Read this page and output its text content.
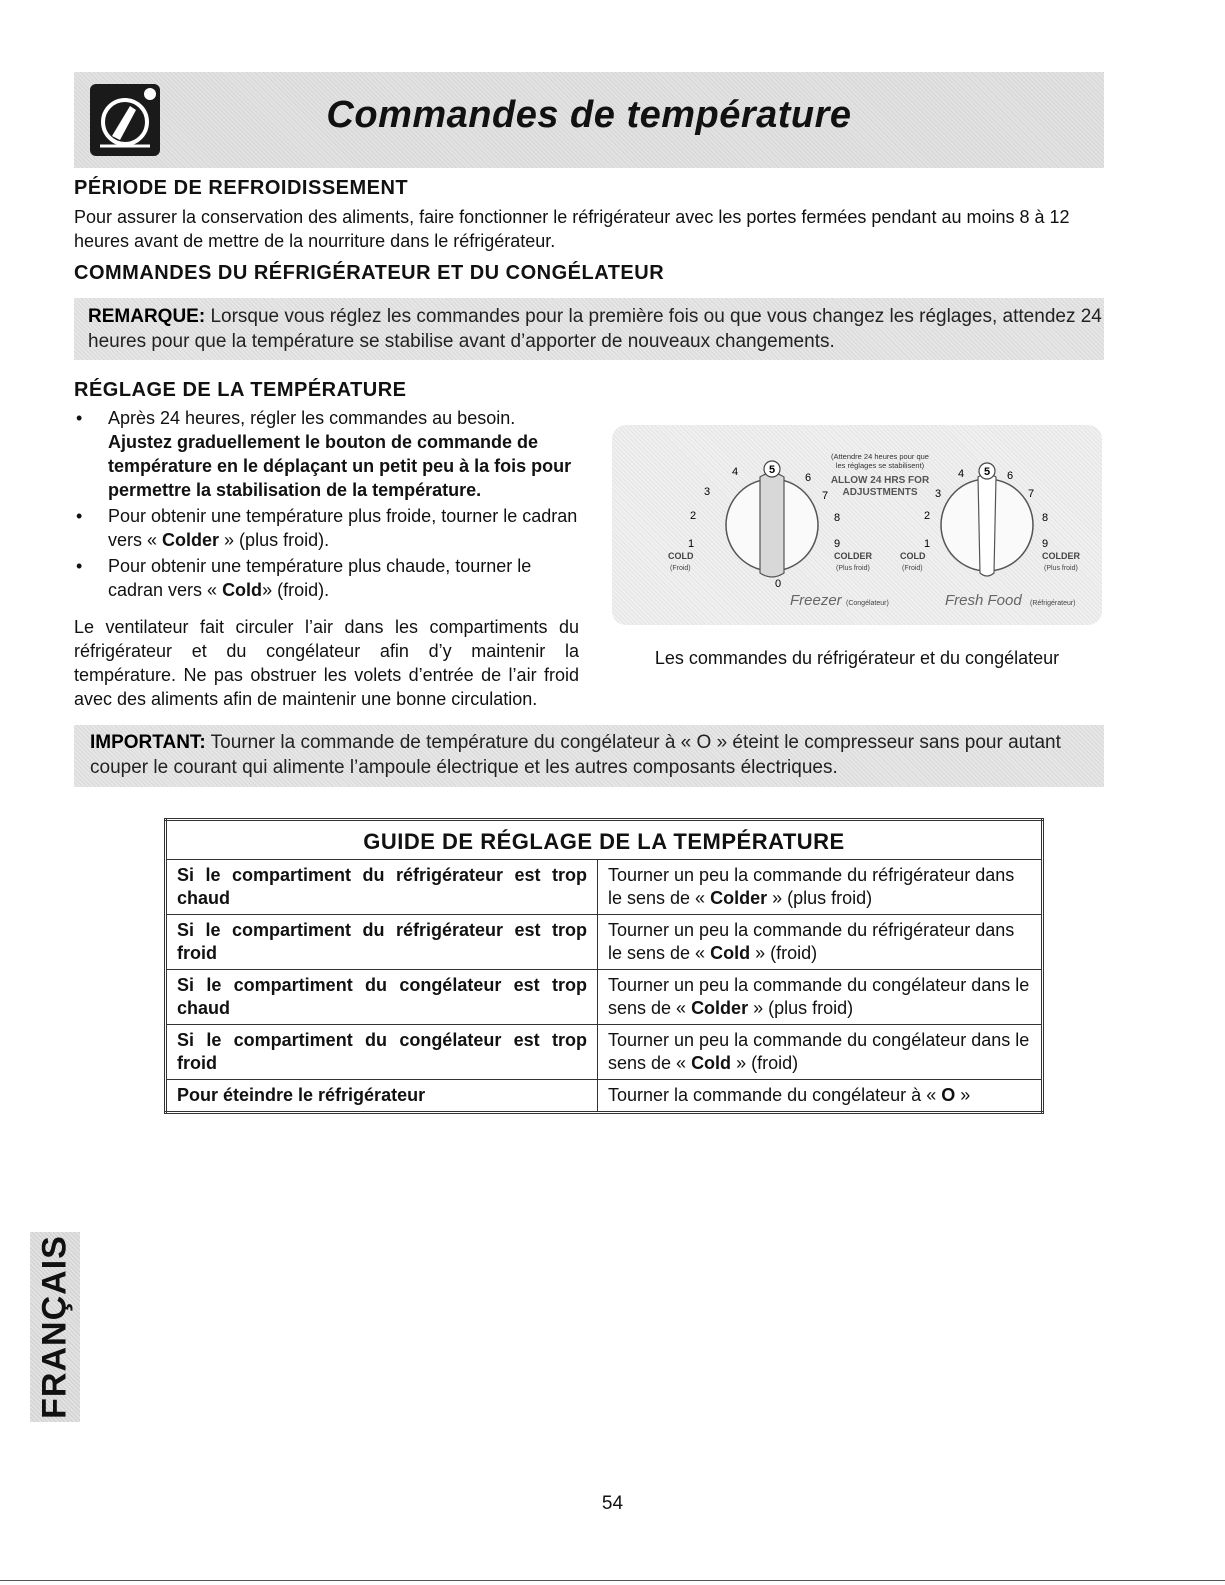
Commandes de température
PÉRIODE DE REFROIDISSEMENT

Pour assurer la conservation des aliments, faire fonctionner le réfrigérateur avec les portes fermées pendant au moins 8 à 12 heures avant de mettre de la nourriture dans le réfrigérateur.

COMMANDES DU RÉFRIGÉRATEUR ET DU CONGÉLATEUR
REMARQUE: Lorsque vous réglez les commandes pour la première fois ou que vous changez les réglages, attendez 24 heures pour que la température se stabilise avant d’apporter de nouveaux changements.
RÉGLAGE DE LA TEMPÉRATURE
• Après 24 heures, régler les commandes au besoin.
Ajustez graduellement le bouton de commande de température en le déplaçant un petit peu à la fois pour permettre la stabilisation de la température.
• Pour obtenir une température plus froide, tourner le cadran vers « Colder » (plus froid).
• Pour obtenir une température plus chaude, tourner le cadran vers « Cold» (froid).

Le ventilateur fait circuler l’air dans les compartiments du réfrigérateur et du congélateur afin d’y maintenir la température. Ne pas obstruer les volets d’entrée de l’air froid avec des aliments afin de maintenir une bonne circulation.

(Attendre 24 heures pour que
les réglages se stabilisent)
ALLOW 24 HRS FOR
ADJUSTMENTS
5
4	6
3	7
2	8
1	9
0
COLD
(Froid)
COLDER
(Plus froid)
Freezer (Congélateur)
5
4	6
3	7
2	8
1	9
COLD
(Froid)
COLDER
(Plus froid)
Fresh Food (Réfrigérateur)
Les commandes du réfrigérateur et du congélateur
IMPORTANT: Tourner la commande de température du congélateur à « O » éteint le compresseur sans pour autant couper le courant qui alimente l’ampoule électrique et les autres composants électriques.
GUIDE DE RÉGLAGE DE LA TEMPÉRATURE	
Si le compartiment du réfrigérateur est trop chaud	Tourner un peu la commande du réfrigérateur dans le sens de « Colder » (plus froid)
Si le compartiment du réfrigérateur est trop froid	Tourner un peu la commande du réfrigérateur dans le sens de « Cold » (froid)
Si le compartiment du congélateur est trop chaud	Tourner un peu la commande du congélateur dans le sens de « Colder » (plus froid)
Si le compartiment du congélateur est trop froid	Tourner un peu la commande du congélateur dans le sens de « Cold » (froid)
Pour éteindre le réfrigérateur	Tourner la commande du congélateur à « O »
FRANÇAIS
54
